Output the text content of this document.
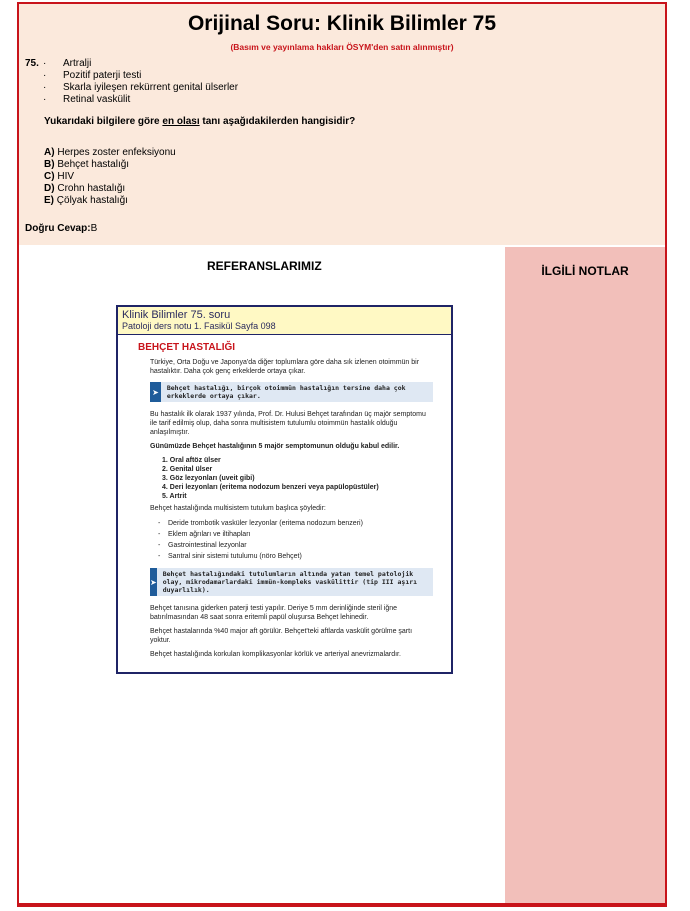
Orijinal Soru: Klinik Bilimler 75
(Basım ve yayınlama hakları ÖSYM'den satın alınmıştır)
75. ·	Artralji
·	Pozitif paterji testi
·	Skarla iyileşen rekürrent genital ülserler
·	Retinal vaskülit
Yukarıdaki bilgilere göre en olası tanı aşağıdakilerden hangisidir?
A) Herpes zoster enfeksiyonu
B) Behçet hastalığı
C) HIV
D) Crohn hastalığı
E) Çölyak hastalığı
Doğru Cevap:B
REFERANSLARIMIZ	İLGİLİ NOTLAR
Klinik Bilimler 75. soru
Patoloji ders notu 1. Fasikül Sayfa 098
BEHÇET HASTALIĞI
Türkiye, Orta Doğu ve Japonya'da diğer toplumlara göre daha sık izlenen otoimmün bir hastalıktır. Daha çok genç erkeklerde ortaya çıkar.
➤	Behçet hastalığı, birçok otoimmün hastalığın tersine daha çok erkeklerde ortaya çıkar.
Bu hastalık ilk olarak 1937 yılında, Prof. Dr. Hulusi Behçet tarafından üç majör semptomu ile tarif edilmiş olup, daha sonra multisistem tutulumlu otoimmün hastalık olduğu anlaşılmıştır.
Günümüzde Behçet hastalığının 5 majör semptomunun olduğu kabul edilir.
1. Oral aftöz ülser
2. Genital ülser
3. Göz lezyonları (uveit gibi)
4. Deri lezyonları (eritema nodozum benzeri veya papülopüstüler)
5. Artrit
Behçet hastalığında multisistem tutulum başlıca şöyledir:
- Deride trombotik vasküler lezyonlar (eritema nodozum benzeri)
- Eklem ağrıları ve iltihapları
- Gastrointestinal lezyonlar
- Santral sinir sistemi tutulumu (nöro Behçet)
➤
Behçet hastalığındaki tutulumların altında yatan temel patolojik olay, mikrodamarlardaki immün-kompleks vaskülittir (tip III aşırı duyarlılık).
Behçet tanısına giderken paterji testi yapılır. Deriye 5 mm derinliğinde steril iğne batırılmasından 48 saat sonra eritemli papül oluşursa Behçet lehinedir.
Behçet hastalarında %40 major aft görülür. Behçet'teki aftlarda vaskülit görülme şartı yoktur.
Behçet hastalığında korkulan komplikasyonlar körlük ve arteriyal anevrizmalardır.
